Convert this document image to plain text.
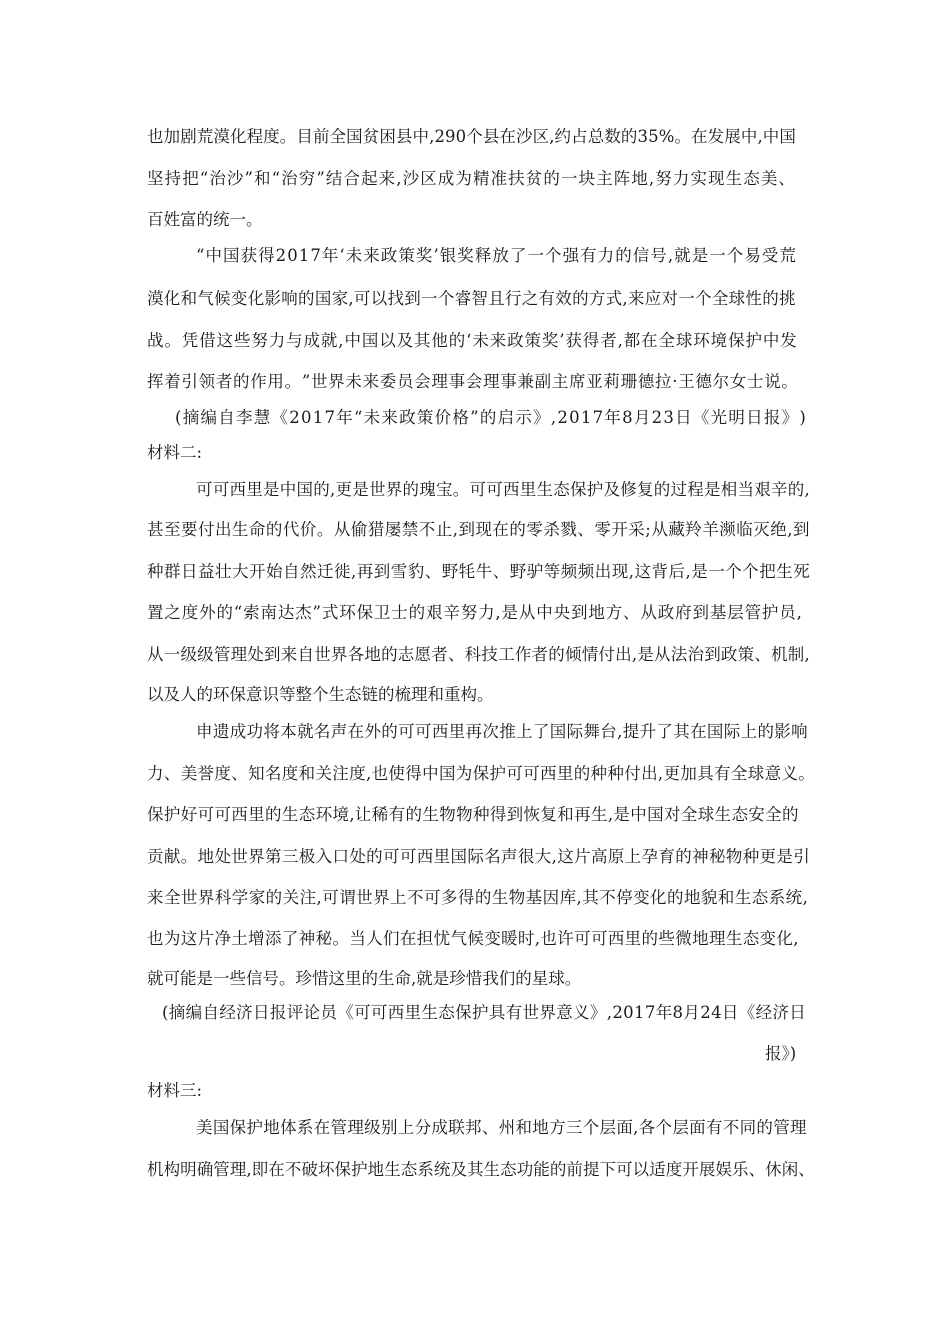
也 加 剧 荒 漠 化 程 度 。 目 前 全 国 贫 困 县 中 , 2 9 0 个 县 在 沙 区 , 约 占 总 数 的 3 5 % 。 在 发 展 中 , 中 国
坚 持 把 “ 治 沙 ” 和 “ 治 穷 ” 结 合 起 来 , 沙 区 成 为 精 准 扶 贫 的 一 块 主 阵 地 , 努 力 实 现 生 态 美 、
百姓富的统一。
“ 中 国 获 得 2 0 1 7 年 ‘ 未 来 政 策 奖 ’ 银 奖 释 放 了 一 个 强 有 力 的 信 号 , 就 是 一 个 易 受 荒
漠 化 和 气 候 变 化 影 响 的 国 家 , 可 以 找 到 一 个 睿 智 且 行 之 有 效 的 方 式 , 来 应 对 一 个 全 球 性 的 挑
战 。 凭 借 这 些 努 力 与 成 就 , 中 国 以 及 其 他 的 ‘ 未 来 政 策 奖 ’ 获 得 者 , 都 在 全 球 环 境 保 护 中 发
挥 着 引 领 者 的 作 用 。 ” 世 界 未 来 委 员 会 理 事 会 理 事 兼 副 主 席 亚 莉 珊 德 拉 · 王 德 尔 女 士 说 。
( 摘 编 自 李 慧 《 2 0 1 7 年 “ 未 来 政 策 价 格 ” 的 启 示 》 , 2 0 1 7 年 8 月 2 3 日 《 光 明 日 报 》 )
材料二:
可 可 西 里 是 中 国 的 , 更 是 世 界 的 瑰 宝 。 可 可 西 里 生 态 保 护 及 修 复 的 过 程 是 相 当 艰 辛 的 ,
甚 至 要 付 出 生 命 的 代 价 。 从 偷 猎 屡 禁 不 止 , 到 现 在 的 零 杀 戮 、 零 开 采 ; 从 藏 羚 羊 濒 临 灭 绝 , 到
种 群 日 益 壮 大 开 始 自 然 迁 徙 , 再 到 雪 豹 、 野 牦 牛 、 野 驴 等 频 频 出 现 , 这 背 后 , 是 一 个 个 把 生 死
置 之 度 外 的 “ 索 南 达 杰 ” 式 环 保 卫 士 的 艰 辛 努 力 , 是 从 中 央 到 地 方 、 从 政 府 到 基 层 管 护 员 ,
从 一 级 级 管 理 处 到 来 自 世 界 各 地 的 志 愿 者 、 科 技 工 作 者 的 倾 情 付 出 , 是 从 法 治 到 政 策 、 机 制 ,
以及人的环保意识等整个生态链的梳理和重构。
申 遗 成 功 将 本 就 名 声 在 外 的 可 可 西 里 再 次 推 上 了 国 际 舞 台 , 提 升 了 其 在 国 际 上 的 影 响
力 、 美 誉 度 、 知 名 度 和 关 注 度 , 也 使 得 中 国 为 保 护 可 可 西 里 的 种 种 付 出 , 更 加 具 有 全 球 意 义 。
保 护 好 可 可 西 里 的 生 态 环 境 , 让 稀 有 的 生 物 物 种 得 到 恢 复 和 再 生 , 是 中 国 对 全 球 生 态 安 全 的
贡 献 。 地 处 世 界 第 三 极 入 口 处 的 可 可 西 里 国 际 名 声 很 大 , 这 片 高 原 上 孕 育 的 神 秘 物 种 更 是 引
来 全 世 界 科 学 家 的 关 注 , 可 谓 世 界 上 不 可 多 得 的 生 物 基 因 库 , 其 不 停 变 化 的 地 貌 和 生 态 系 统 ,
也 为 这 片 净 土 增 添 了 神 秘 。 当 人 们 在 担 忧 气 候 变 暖 时 , 也 许 可 可 西 里 的 些 微 地 理 生 态 变 化 ,
就可能是一些信号。珍惜这里的生命,就是珍惜我们的星球。
( 摘 编 自 经 济 日 报 评 论 员 《 可 可 西 里 生 态 保 护 具 有 世 界 意 义 》 , 2 0 1 7 年 8 月 2 4 日 《 经 济 日
报》)
材料三:
美 国 保 护 地 体 系 在 管 理 级 别 上 分 成 联 邦 、 州 和 地 方 三 个 层 面 , 各 个 层 面 有 不 同 的 管 理
机 构 明 确 管 理 , 即 在 不 破 坏 保 护 地 生 态 系 统 及 其 生 态 功 能 的 前 提 下 可 以 适 度 开 展 娱 乐 、 休 闲 、
